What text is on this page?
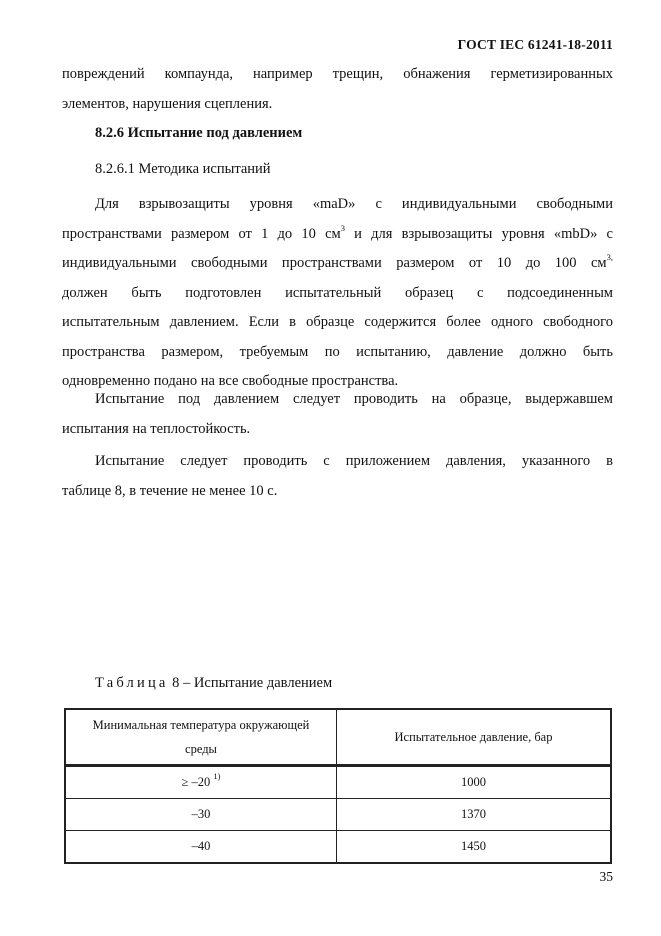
ГОСТ IEC 61241-18-2011
повреждений компаунда, например трещин, обнажения герметизированных
элементов, нарушения сцепления.
8.2.6 Испытание под давлением
8.2.6.1 Методика испытаний
Для взрывозащиты уровня «maD» с индивидуальными свободными
пространствами размером от 1 до 10 $см^3$ и для взрывозащиты уровня «mbD» с
индивидуальными свободными пространствами размером от 10 до 100 $см^{3,}$
должен быть подготовлен испытательный образец с подсоединенным
испытательным давлением. Если в образце содержится более одного свободного
пространства размером, требуемым по испытанию, давление должно быть
одновременно подано на все свободные пространства.
Испытание под давлением следует проводить на образце, выдержавшем
испытания на теплостойкость.
Испытание следует проводить с приложением давления, указанного в
таблице 8, в течение не менее 10 с.
Таблица 8 – Испытание давлением
Минимальная температура окружающей среды	Испытательное давление, бар
≥ –20 $^{1)}$	1000
–30	1370
–40	1450
35
